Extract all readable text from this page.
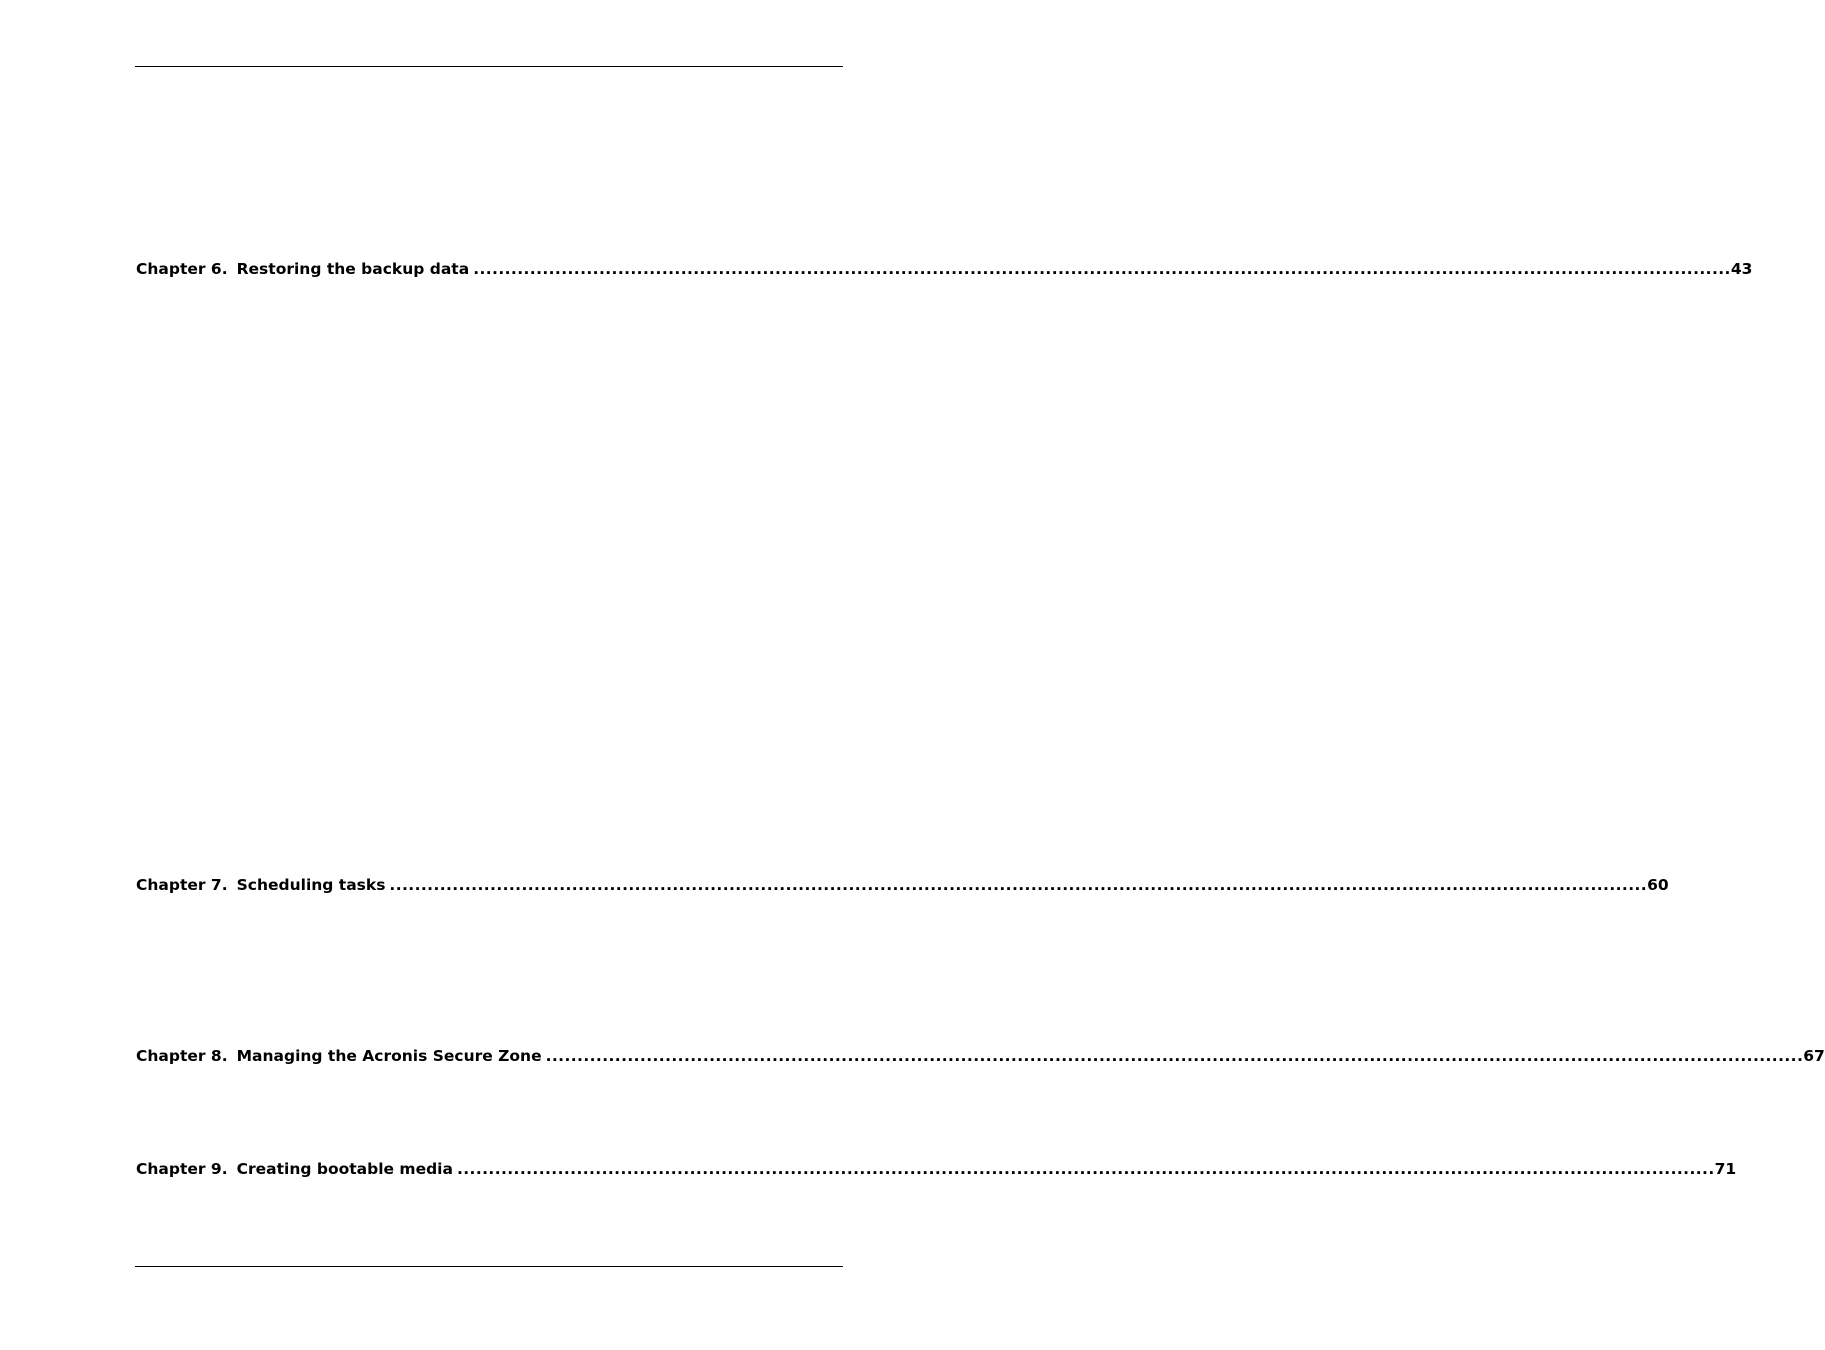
Chapter 6. Restoring the backup data ........................................................................................................................................................................................................ 43
Chapter 7. Scheduling tasks ........................................................................................................................................................................................................ 60
Chapter 8. Managing the Acronis Secure Zone ........................................................................................................................................................................................................ 67
Chapter 9. Creating bootable media ........................................................................................................................................................................................................ 71
